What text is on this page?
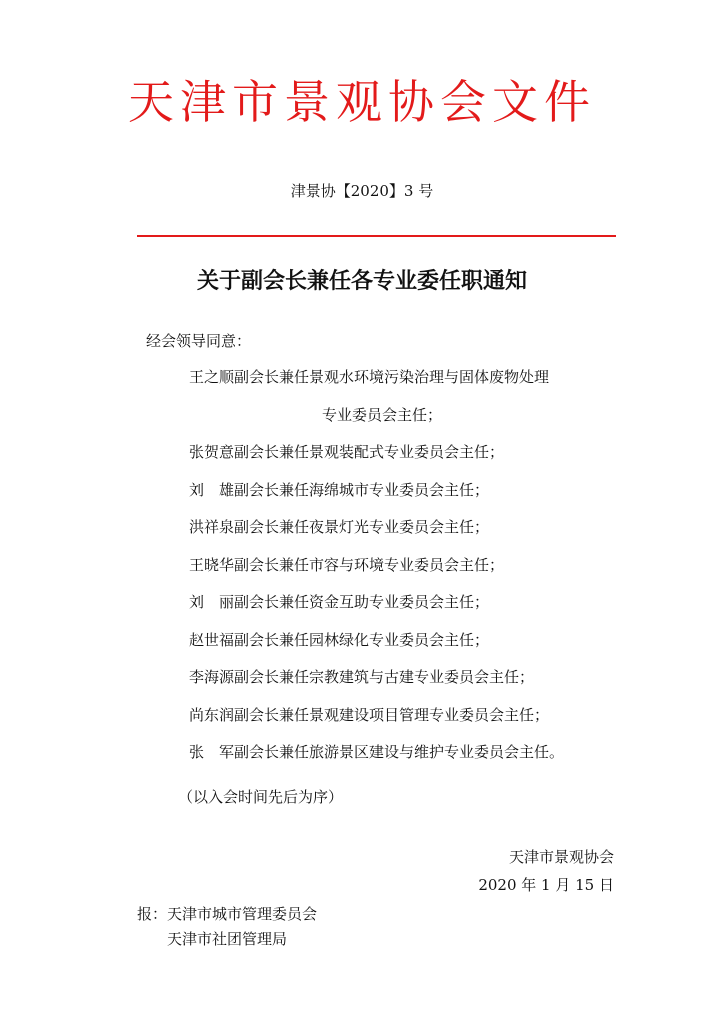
天津市景观协会文件
津景协【2020】3 号
关于副会长兼任各专业委任职通知
经会领导同意：
王之顺副会长兼任景观水环境污染治理与固体废物处理
专业委员会主任；
张贺意副会长兼任景观装配式专业委员会主任；
刘　雄副会长兼任海绵城市专业委员会主任；
洪祥泉副会长兼任夜景灯光专业委员会主任；
王晓华副会长兼任市容与环境专业委员会主任；
刘　丽副会长兼任资金互助专业委员会主任；
赵世福副会长兼任园林绿化专业委员会主任；
李海源副会长兼任宗教建筑与古建专业委员会主任；
尚东润副会长兼任景观建设项目管理专业委员会主任；
张　军副会长兼任旅游景区建设与维护专业委员会主任。
（以入会时间先后为序）
天津市景观协会
2020 年 1 月 15 日
报：天津市城市管理委员会
天津市社团管理局
